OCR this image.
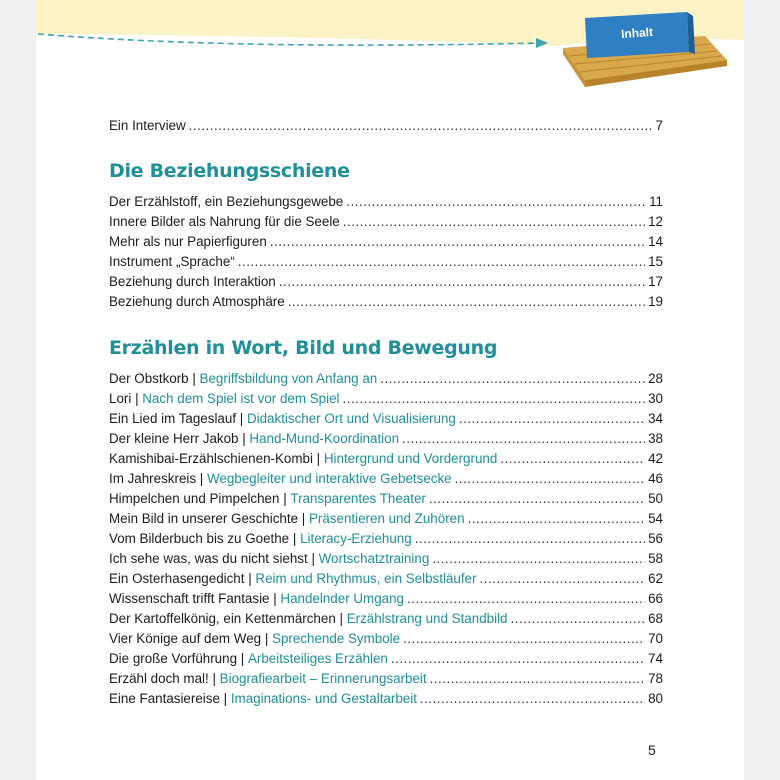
Inhalt
Ein Interview .....	7
Die Beziehungsschiene
Der Erzählstoff, ein Beziehungsgewebe .....	11
Innere Bilder als Nahrung für die Seele .....	12
Mehr als nur Papierfiguren .....	14
Instrument „Sprache“ .....	15
Beziehung durch Interaktion .....	17
Beziehung durch Atmosphäre .....	19
Erzählen in Wort, Bild und Bewegung
Der Obstkorb | Begriffsbildung von Anfang an .....	28
Lori | Nach dem Spiel ist vor dem Spiel .....	30
Ein Lied im Tageslauf | Didaktischer Ort und Visualisierung .....	34
Der kleine Herr Jakob | Hand-Mund-Koordination .....	38
Kamishibai-Erzählschienen-Kombi | Hintergrund und Vordergrund .....	42
Im Jahreskreis | Wegbegleiter und interaktive Gebetsecke .....	46
Himpelchen und Pimpelchen | Transparentes Theater .....	50
Mein Bild in unserer Geschichte | Präsentieren und Zuhören .....	54
Vom Bilderbuch bis zu Goethe | Literacy-Erziehung .....	56
Ich sehe was, was du nicht siehst | Wortschatztraining .....	58
Ein Osterhasengedicht | Reim und Rhythmus, ein Selbstläufer .....	62
Wissenschaft trifft Fantasie | Handelnder Umgang .....	66
Der Kartoffelkönig, ein Kettenmärchen | Erzählstrang und Standbild .....	68
Vier Könige auf dem Weg | Sprechende Symbole .....	70
Die große Vorführung | Arbeitsteiliges Erzählen .....	74
Erzähl doch mal! | Biografiearbeit – Erinnerungsarbeit .....	78
Eine Fantasiereise | Imaginations- und Gestaltarbeit .....	80
5
